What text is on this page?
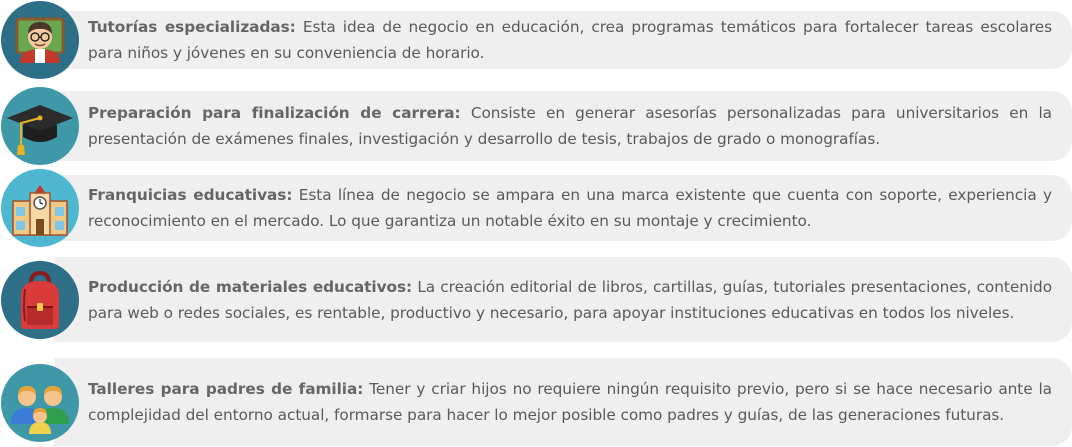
Tutorías especializadas: Esta idea de negocio en educación, crea programas temáticos para fortalecer tareas escolares para niños y jóvenes en su conveniencia de horario.

Preparación para finalización de carrera: Consiste en generar asesorías personalizadas para universitarios en la presentación de exámenes finales, investigación y desarrollo de tesis, trabajos de grado o monografías.

Franquicias educativas: Esta línea de negocio se ampara en una marca existente que cuenta con soporte, experiencia y reconocimiento en el mercado. Lo que garantiza un notable éxito en su montaje y crecimiento.

Producción de materiales educativos: La creación editorial de libros, cartillas, guías, tutoriales presentaciones, contenido para web o redes sociales, es rentable, productivo y necesario, para apoyar instituciones educativas en todos los niveles.

Talleres para padres de familia: Tener y criar hijos no requiere ningún requisito previo, pero si se hace necesario ante la complejidad del entorno actual, formarse para hacer lo mejor posible como padres y guías, de las generaciones futuras.
